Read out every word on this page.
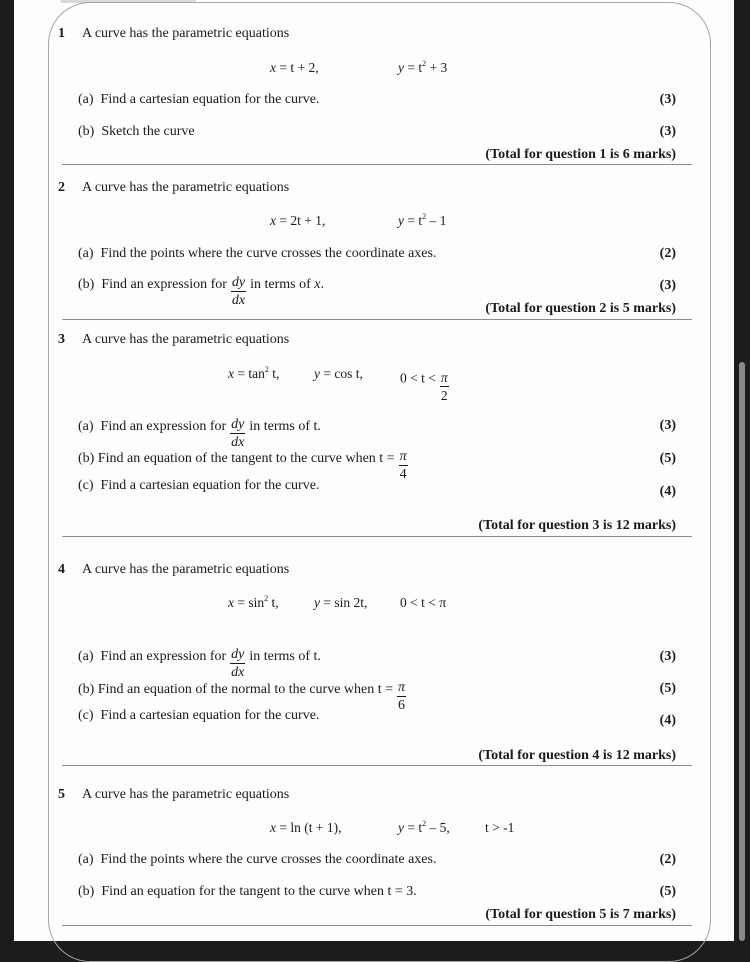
1 A curve has the parametric equations
x = t + 2,	$y = t^2 + 3$
(a) Find a cartesian equation for the curve.	(3)
(b) Sketch the curve	(3)
(Total for question 1 is 6 marks)
2 A curve has the parametric equations
x = 2t + 1,	$y = t^2 - 1$
(a) Find the points where the curve crosses the coordinate axes.	(2)
(b) Find an expression for $\frac{dy}{dx}$ in terms of x.	(3)
(Total for question 2 is 5 marks)
3 A curve has the parametric equations
$x = \tan^2 t$,	y = cos t,	$0 < t < \frac{\pi}{2}$
(a) Find an expression for $\frac{dy}{dx}$ in terms of t.	(3)
(b) Find an equation of the tangent to the curve when $t = \frac{\pi}{4}$	(5)
(c) Find a cartesian equation for the curve.	(4)
(Total for question 3 is 12 marks)
4 A curve has the parametric equations
$x = \sin^2 t$,	y = sin 2t, 0 < t < π
(a) Find an expression for $\frac{dy}{dx}$ in terms of t.	(3)
(b) Find an equation of the normal to the curve when $t = \frac{\pi}{6}$	(5)
(c) Find a cartesian equation for the curve.	(4)
(Total for question 4 is 12 marks)
5 A curve has the parametric equations
x = ln (t + 1),	$y = t^2 - 5$,	t > -1
(a) Find the points where the curve crosses the coordinate axes.	(2)
(b) Find an equation for the tangent to the curve when t = 3.	(5)
(Total for question 5 is 7 marks)
